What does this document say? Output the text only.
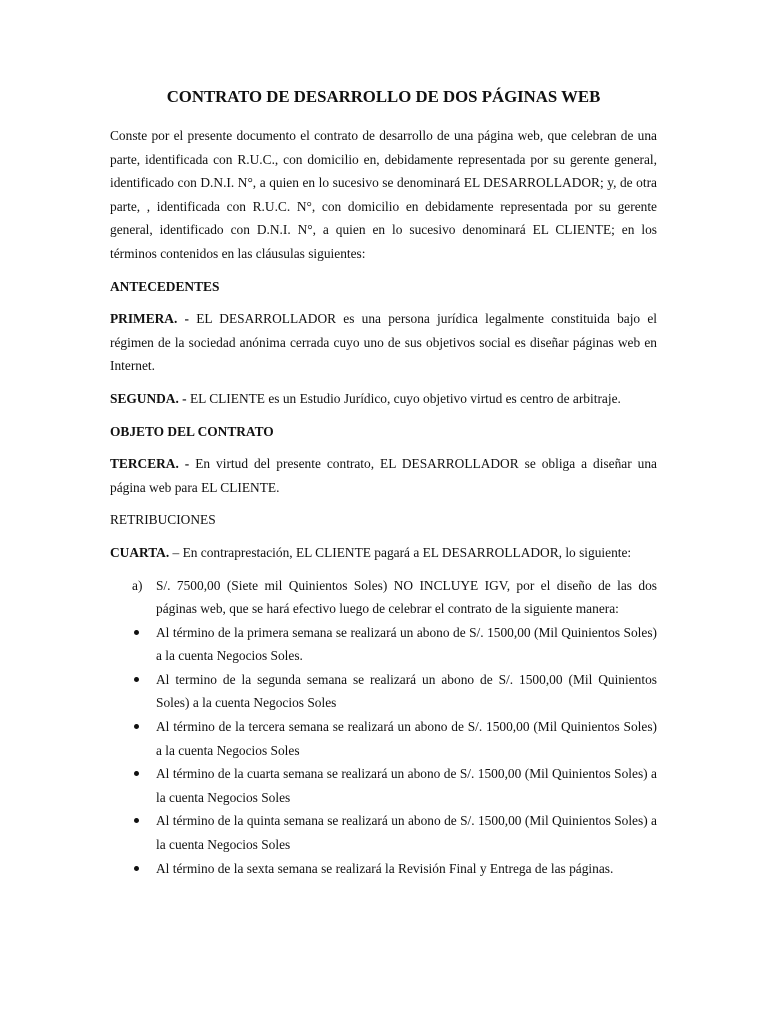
CONTRATO DE DESARROLLO DE DOS PÁGINAS WEB

Conste por el presente documento el contrato de desarrollo de una página web, que celebran de una parte, identificada con R.U.C., con domicilio en, debidamente representada por su gerente general, identificado con D.N.I. N°, a quien en lo sucesivo se denominará EL DESARROLLADOR; y, de otra parte, , identificada con R.U.C. N°, con domicilio en debidamente representada por su gerente general, identificado con D.N.I. N°, a quien en lo sucesivo denominará EL CLIENTE; en los términos contenidos en las cláusulas siguientes:

ANTECEDENTES

PRIMERA. - EL DESARROLLADOR es una persona jurídica legalmente constituida bajo el régimen de la sociedad anónima cerrada cuyo uno de sus objetivos social es diseñar páginas web en Internet.

SEGUNDA. - EL CLIENTE es un Estudio Jurídico, cuyo objetivo virtud es centro de arbitraje.

OBJETO DEL CONTRATO

TERCERA. - En virtud del presente contrato, EL DESARROLLADOR se obliga a diseñar una página web para EL CLIENTE.

RETRIBUCIONES

CUARTA. – En contraprestación, EL CLIENTE pagará a EL DESARROLLADOR, lo siguiente:

a) S/. 7500,00 (Siete mil Quinientos Soles) NO INCLUYE IGV, por el diseño de las dos páginas web, que se hará efectivo luego de celebrar el contrato de la siguiente manera:
Al término de la primera semana se realizará un abono de S/. 1500,00 (Mil Quinientos Soles) a la cuenta Negocios Soles.
Al termino de la segunda semana se realizará un abono de S/. 1500,00 (Mil Quinientos Soles) a la cuenta Negocios Soles
Al término de la tercera semana se realizará un abono de S/. 1500,00 (Mil Quinientos Soles) a la cuenta Negocios Soles
Al término de la cuarta semana se realizará un abono de S/. 1500,00 (Mil Quinientos Soles) a la cuenta Negocios Soles
Al término de la quinta semana se realizará un abono de S/. 1500,00 (Mil Quinientos Soles) a la cuenta Negocios Soles
Al término de la sexta semana se realizará la Revisión Final y Entrega de las páginas.
